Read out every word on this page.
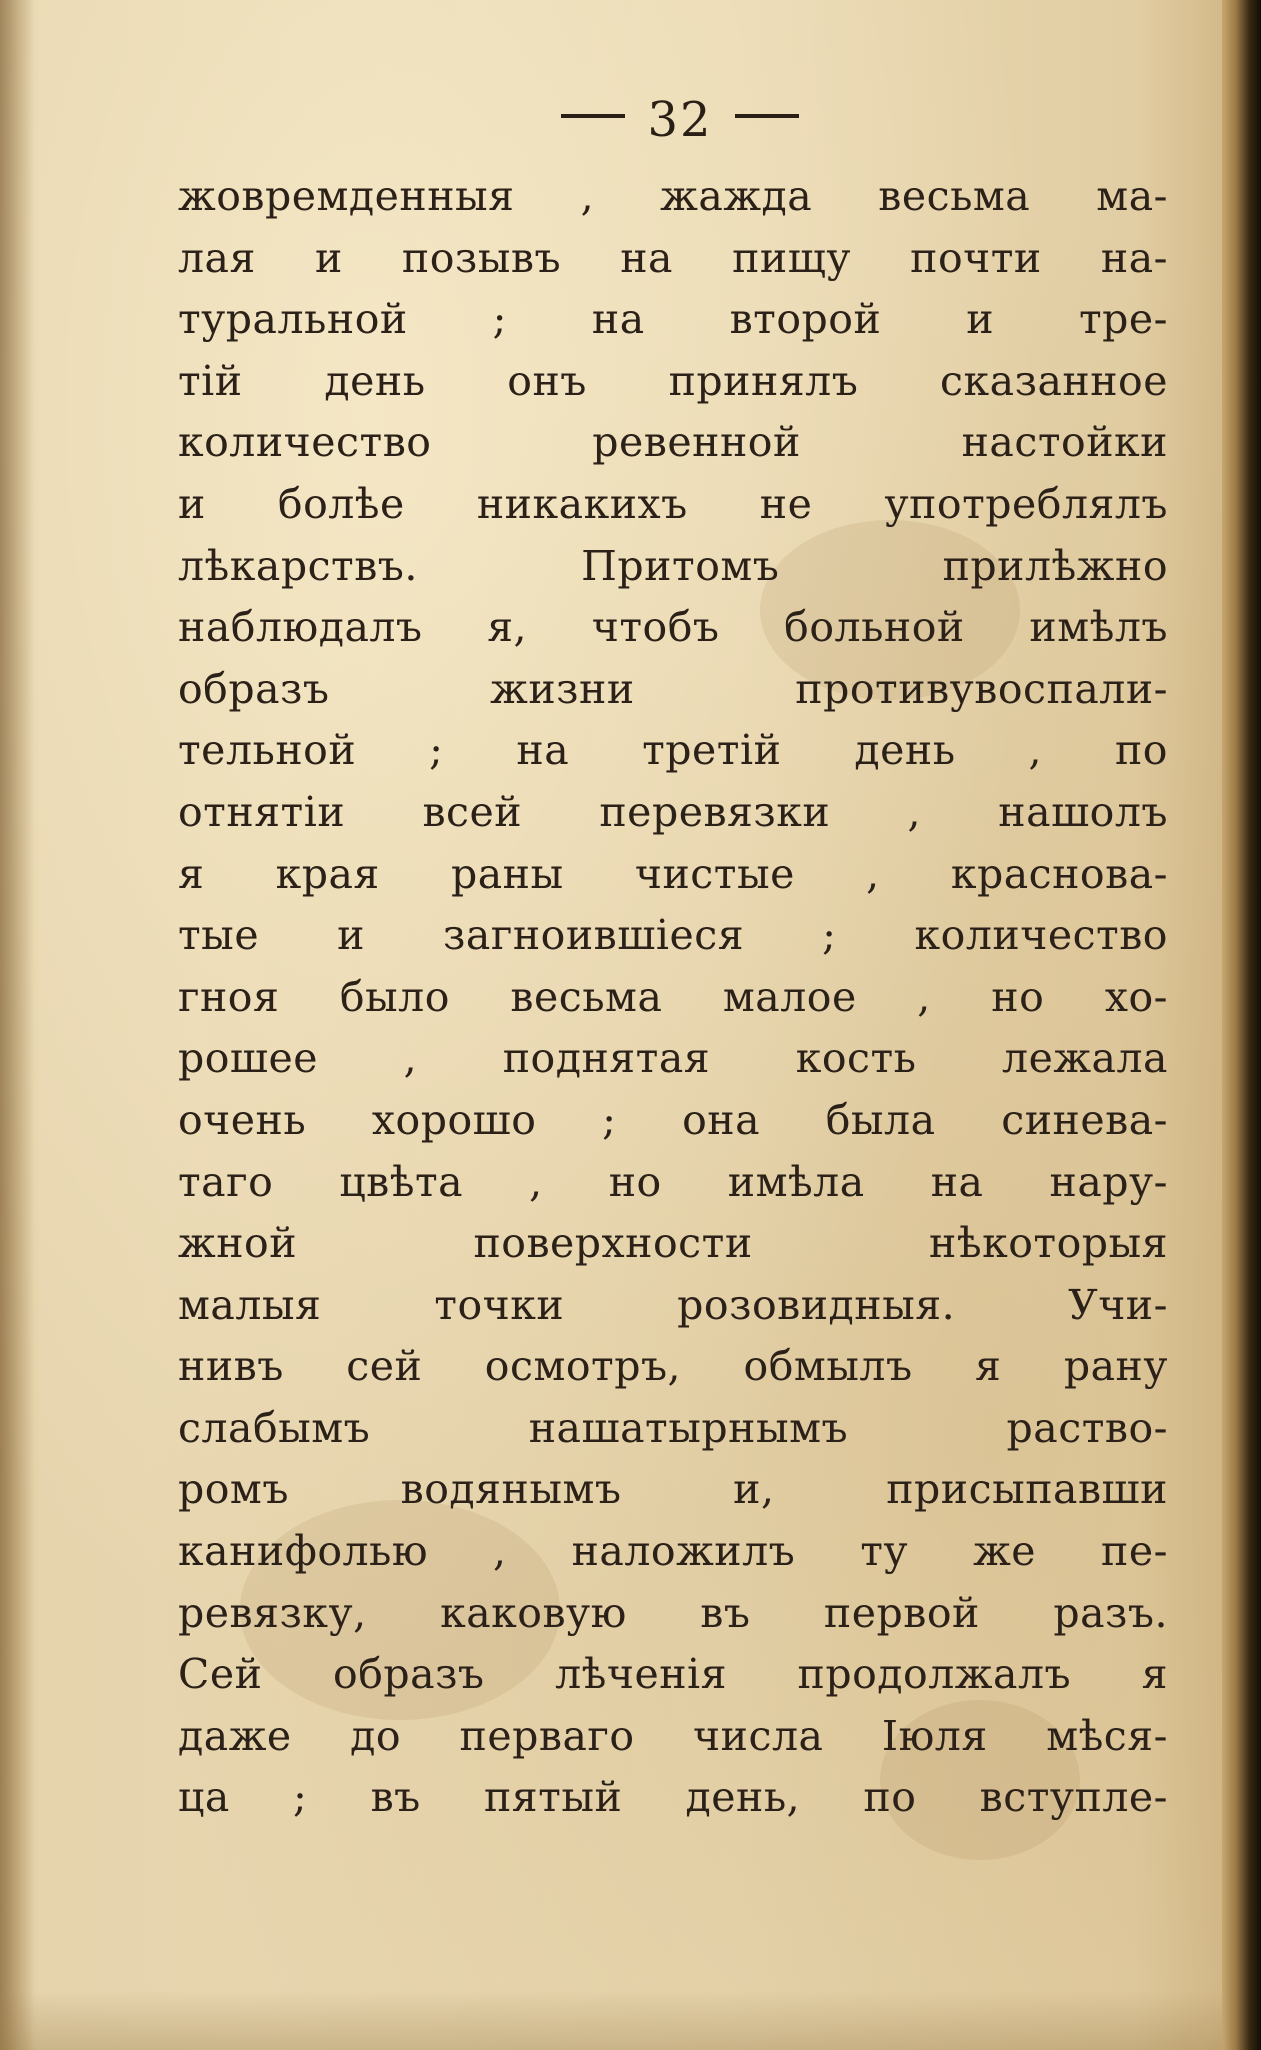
32
жовремденныя , жажда весьма ма-
лая и позывъ на пищу почти на-
туральной ; на второй и тре-
тій день онъ принялъ сказанное
количество ревенной настойки
и болѣе никакихъ не употреблялъ
лѣкарствъ. Притомъ прилѣжно
наблюдалъ я, чтобъ больной имѣлъ
образъ жизни противувоспали-
тельной ; на третій день , по
отнятіи всей перевязки , нашолъ
я края раны чистые , краснова-
тые и загноившіеся ; количество
гноя было весьма малое , но хо-
рошее , поднятая кость лежала
очень хорошо ; она была синева-
таго цвѣта , но имѣла на нару-
жной поверхности нѣкоторыя
малыя точки розовидныя. Учи-
нивъ сей осмотръ, обмылъ я рану
слабымъ нашатырнымъ раство-
ромъ водянымъ и, присыпавши
канифолью , наложилъ ту же пе-
ревязку, каковую въ первой разъ.
Сей образъ лѣченія продолжалъ я
даже до перваго числа Іюля мѣся-
ца ; въ пятый день, по вступле-
